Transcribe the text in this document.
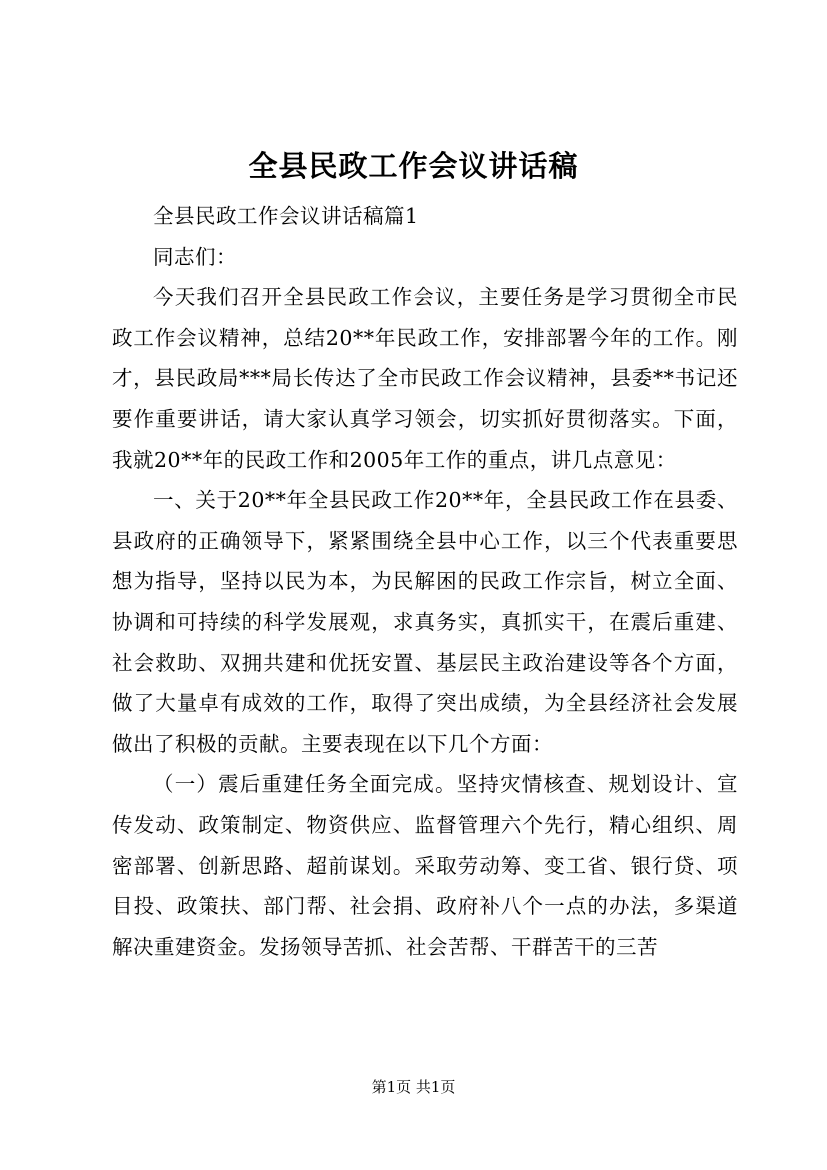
全县民政工作会议讲话稿

全县民政工作会议讲话稿篇1

同志们：

今天我们召开全县民政工作会议，主要任务是学习贯彻全市民政工作会议精神，总结20**年民政工作，安排部署今年的工作。刚才，县民政局***局长传达了全市民政工作会议精神，县委**书记还要作重要讲话，请大家认真学习领会，切实抓好贯彻落实。下面，我就20**年的民政工作和2005年工作的重点，讲几点意见：

一、关于20**年全县民政工作20**年，全县民政工作在县委、县政府的正确领导下，紧紧围绕全县中心工作，以三个代表重要思想为指导，坚持以民为本，为民解困的民政工作宗旨，树立全面、协调和可持续的科学发展观，求真务实，真抓实干，在震后重建、社会救助、双拥共建和优抚安置、基层民主政治建设等各个方面，做了大量卓有成效的工作，取得了突出成绩，为全县经济社会发展做出了积极的贡献。主要表现在以下几个方面：

（一）震后重建任务全面完成。坚持灾情核查、规划设计、宣传发动、政策制定、物资供应、监督管理六个先行，精心组织、周密部署、创新思路、超前谋划。采取劳动筹、变工省、银行贷、项目投、政策扶、部门帮、社会捐、政府补八个一点的办法，多渠道解决重建资金。发扬领导苦抓、社会苦帮、干群苦干的三苦

第1页 共1页
